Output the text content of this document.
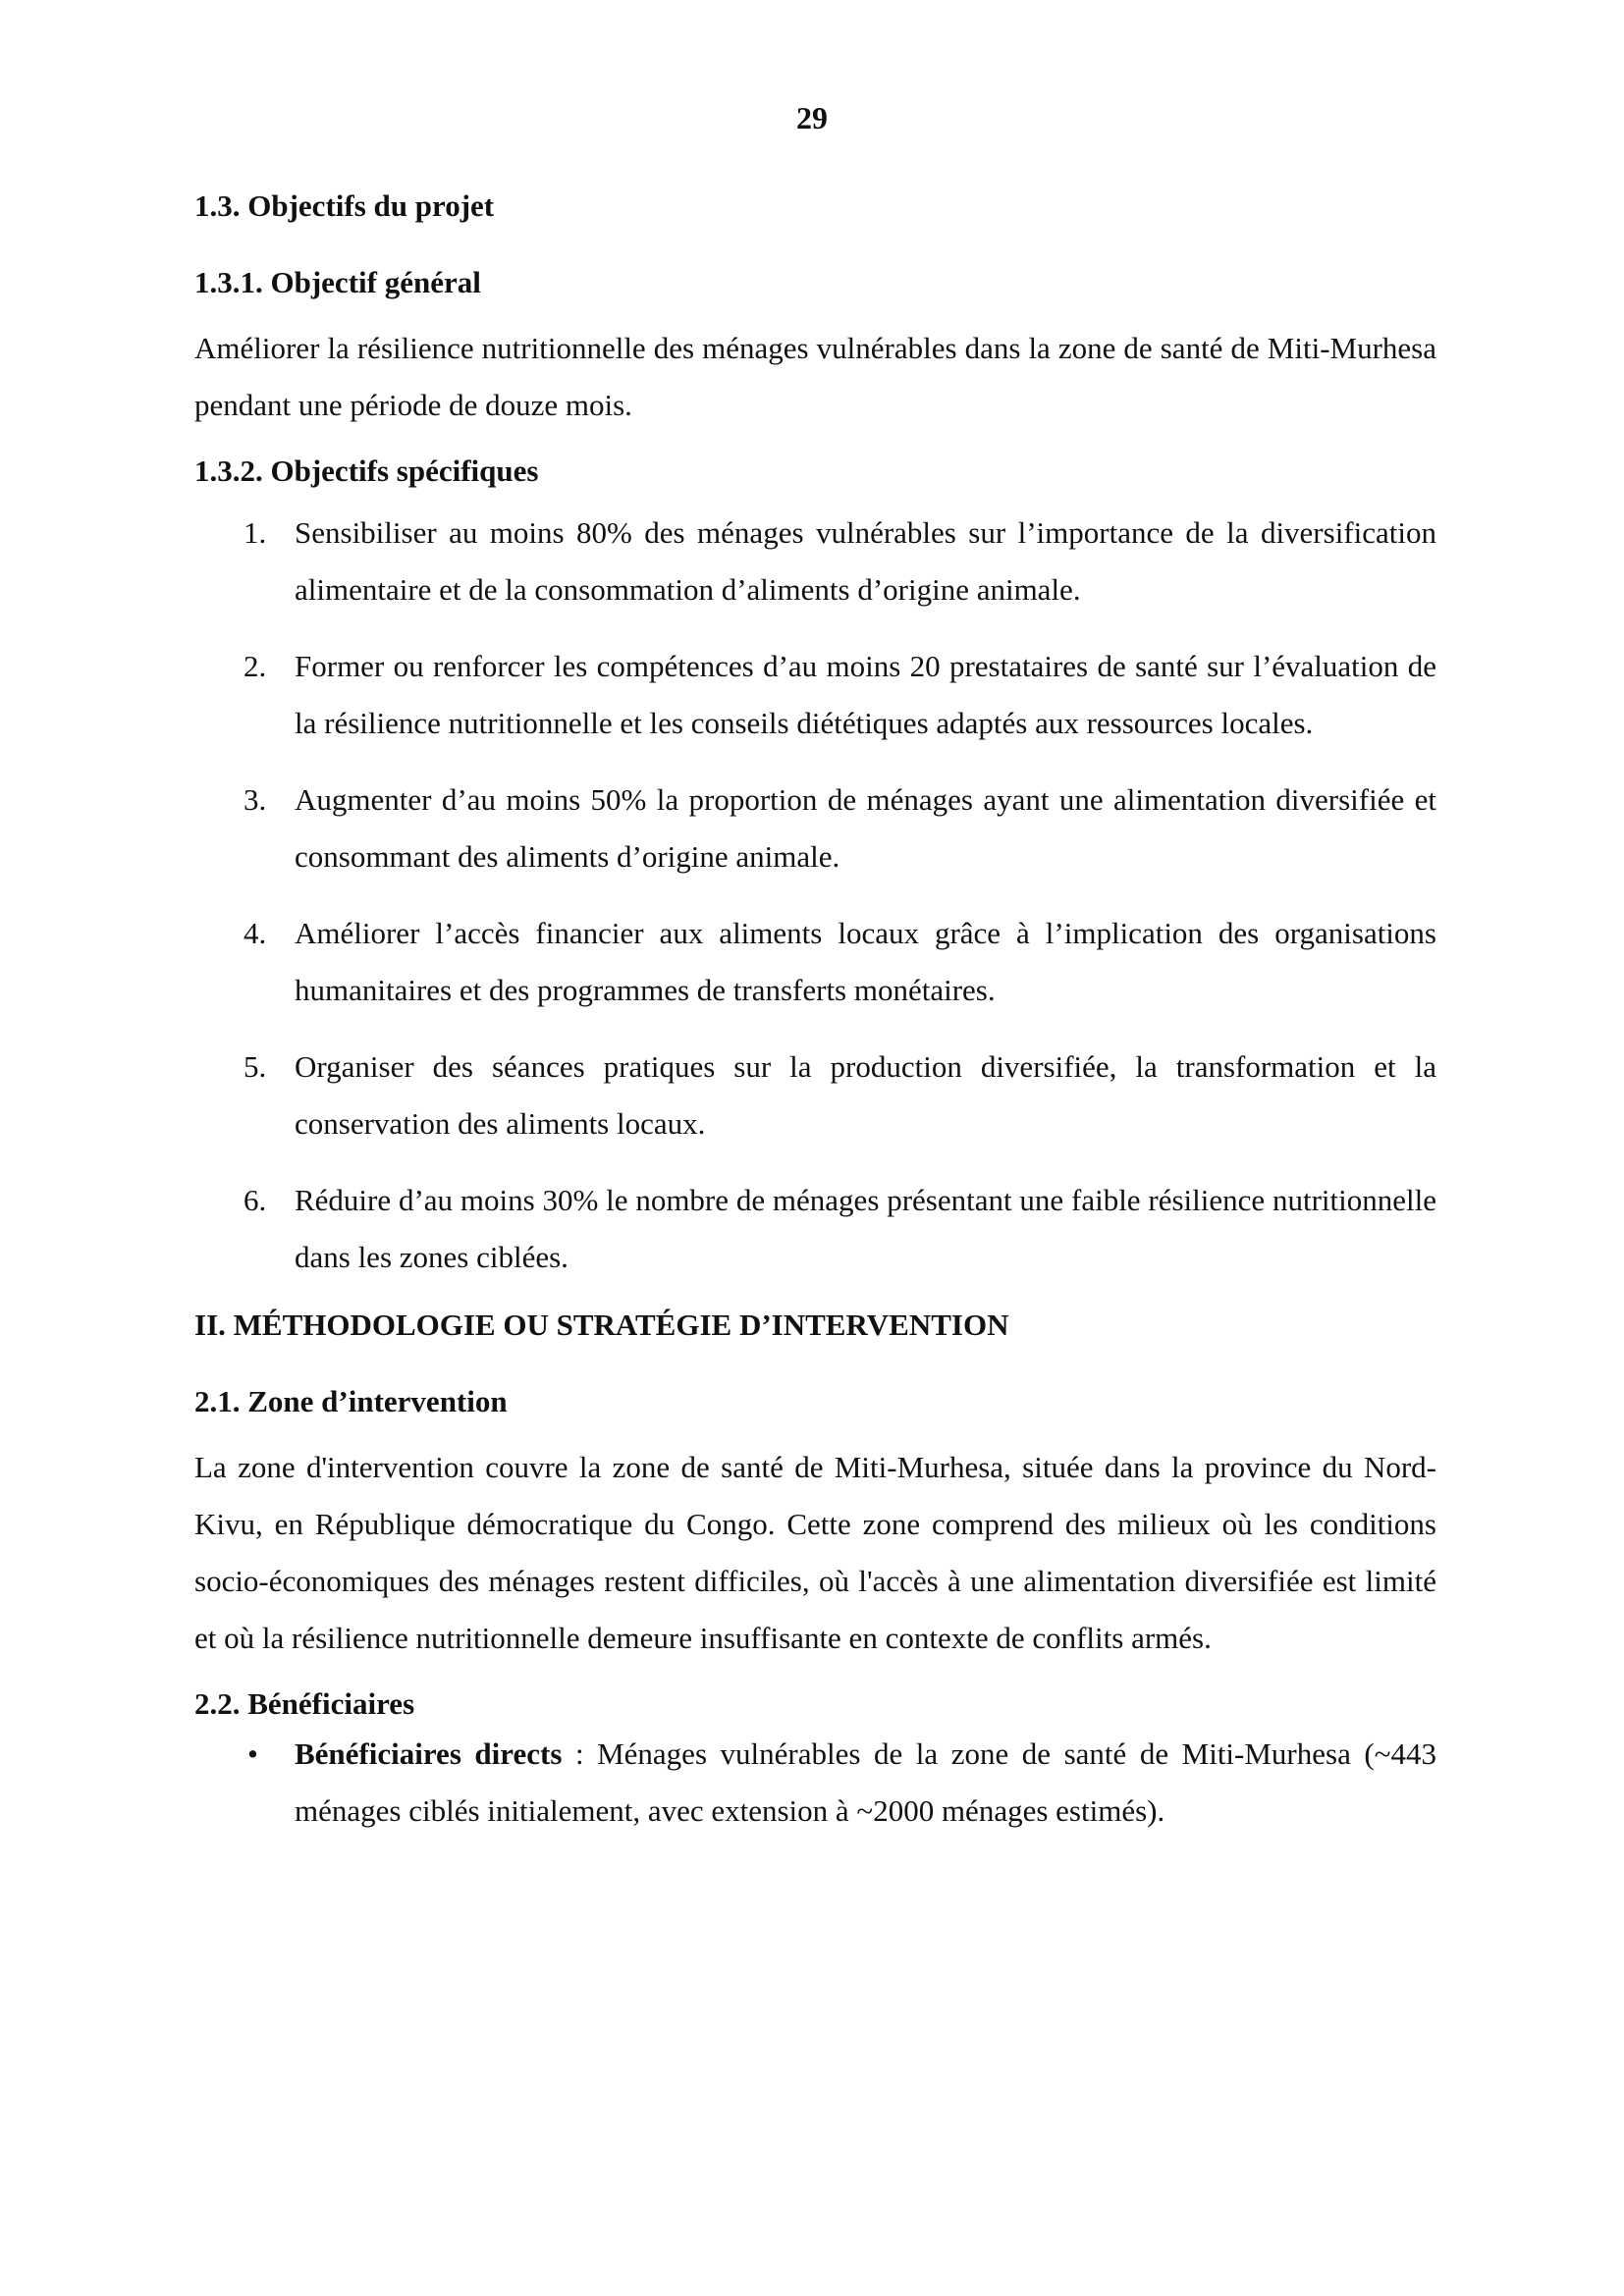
29

1.3. Objectifs du projet

1.3.1. Objectif général

Améliorer la résilience nutritionnelle des ménages vulnérables dans la zone de santé de Miti-Murhesa pendant une période de douze mois.

1.3.2. Objectifs spécifiques

1. Sensibiliser au moins 80% des ménages vulnérables sur l’importance de la diversification alimentaire et de la consommation d’aliments d’origine animale.
2. Former ou renforcer les compétences d’au moins 20 prestataires de santé sur l’évaluation de la résilience nutritionnelle et les conseils diététiques adaptés aux ressources locales.
3. Augmenter d’au moins 50% la proportion de ménages ayant une alimentation diversifiée et consommant des aliments d’origine animale.
4. Améliorer l’accès financier aux aliments locaux grâce à l’implication des organisations humanitaires et des programmes de transferts monétaires.
5. Organiser des séances pratiques sur la production diversifiée, la transformation et la conservation des aliments locaux.
6. Réduire d’au moins 30% le nombre de ménages présentant une faible résilience nutritionnelle dans les zones ciblées.

II. MÉTHODOLOGIE OU STRATÉGIE D’INTERVENTION

2.1. Zone d’intervention

La zone d'intervention couvre la zone de santé de Miti-Murhesa, située dans la province du Nord-Kivu, en République démocratique du Congo. Cette zone comprend des milieux où les conditions socio-économiques des ménages restent difficiles, où l'accès à une alimentation diversifiée est limité et où la résilience nutritionnelle demeure insuffisante en contexte de conflits armés.

2.2. Bénéficiaires

• Bénéficiaires directs : Ménages vulnérables de la zone de santé de Miti-Murhesa (~443 ménages ciblés initialement, avec extension à ~2000 ménages estimés).
